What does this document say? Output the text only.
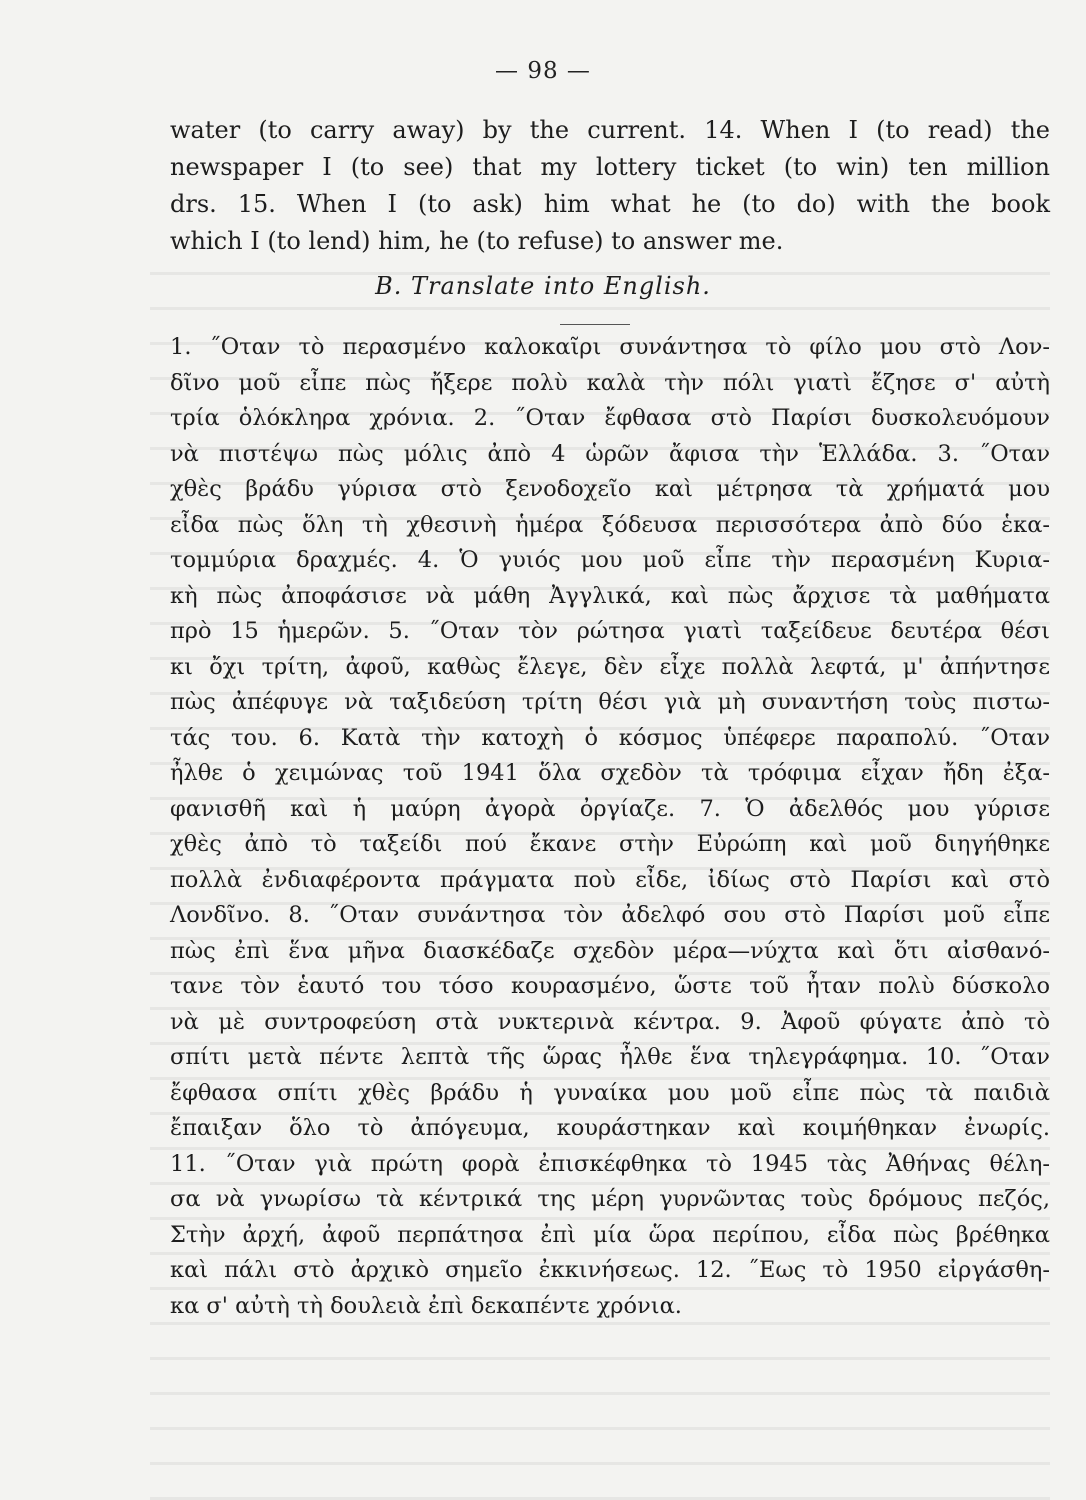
— 98 —
water (to carry away) by the current. 14. When I (to read) the
newspaper I (to see) that my lottery ticket (to win) ten million
drs. 15. When I (to ask) him what he (to do) with the book
which I (to lend) him, he (to refuse) to answer me.
B. Translate into English.
1. ˝Οταν τὸ περασμένο καλοκαῖρι συνάντησα τὸ φίλο μου στὸ Λον-
δῖνο μοῦ εἶπε πὼς ἤξερε πολὺ καλὰ τὴν πόλι γιατὶ ἔζησε σ' αὐτὴ
τρία ὁλόκληρα χρόνια. 2. ˝Οταν ἔφθασα στὸ Παρίσι δυσκολευόμουν
νὰ πιστέψω πὼς μόλις ἀπὸ 4 ὡρῶν ἄφισα τὴν Ἑλλάδα. 3. ˝Οταν
χθὲς βράδυ γύρισα στὸ ξενοδοχεῖο καὶ μέτρησα τὰ χρήματά μου
εἶδα πὼς ὅλη τὴ χθεσινὴ ἡμέρα ξόδευσα περισσότερα ἀπὸ δύο ἑκα-
τομμύρια δραχμές. 4. Ὁ γυιός μου μοῦ εἶπε τὴν περασμένη Κυρια-
κὴ πὼς ἀποφάσισε νὰ μάθη Ἀγγλικά, καὶ πὼς ἄρχισε τὰ μαθήματα
πρὸ 15 ἡμερῶν. 5. ˝Οταν τὸν ρώτησα γιατὶ ταξείδευε δευτέρα θέσι
κι ὄχι τρίτη, ἀφοῦ, καθὼς ἔλεγε, δὲν εἶχε πολλὰ λεφτά, μ' ἀπήντησε
πὼς ἀπέφυγε νὰ ταξιδεύση τρίτη θέσι γιὰ μὴ συναντήση τοὺς πιστω-
τάς του. 6. Κατὰ τὴν κατοχὴ ὁ κόσμος ὑπέφερε παραπολύ. ˝Οταν
ἦλθε ὁ χειμώνας τοῦ 1941 ὅλα σχεδὸν τὰ τρόφιμα εἶχαν ἤδη ἐξα-
φανισθῆ καὶ ἡ μαύρη ἀγορὰ ὀργίαζε. 7. Ὁ ἀδελθός μου γύρισε
χθὲς ἀπὸ τὸ ταξείδι πού ἔκανε στὴν Εὐρώπη καὶ μοῦ διηγήθηκε
πολλὰ ἐνδιαφέροντα πράγματα ποὺ εἶδε, ἰδίως στὸ Παρίσι καὶ στὸ
Λονδῖνο. 8. ˝Οταν συνάντησα τὸν ἀδελφό σου στὸ Παρίσι μοῦ εἶπε
πὼς ἐπὶ ἕνα μῆνα διασκέδαζε σχεδὸν μέρα—νύχτα καὶ ὅτι αἰσθανό-
τανε τὸν ἑαυτό του τόσο κουρασμένο, ὥστε τοῦ ἦταν πολὺ δύσκολο
νὰ μὲ συντροφεύση στὰ νυκτερινὰ κέντρα. 9. Ἀφοῦ φύγατε ἀπὸ τὸ
σπίτι μετὰ πέντε λεπτὰ τῆς ὥρας ἦλθε ἕνα τηλεγράφημα. 10. ˝Οταν
ἔφθασα σπίτι χθὲς βράδυ ἡ γυναίκα μου μοῦ εἶπε πὼς τὰ παιδιὰ
ἔπαιξαν ὅλο τὸ ἀπόγευμα, κουράστηκαν καὶ κοιμήθηκαν ἐνωρίς.
11. ˝Οταν γιὰ πρώτη φορὰ ἐπισκέφθηκα τὸ 1945 τὰς Ἀθήνας θέλη-
σα νὰ γνωρίσω τὰ κέντρικά της μέρη γυρνῶντας τοὺς δρόμους πεζός,
Στὴν ἀρχή, ἀφοῦ περπάτησα ἐπὶ μία ὥρα περίπου, εἶδα πὼς βρέθηκα
καὶ πάλι στὸ ἀρχικὸ σημεῖο ἐκκινήσεως. 12. ˝Εως τὸ 1950 εἰργάσθη-
κα σ' αὐτὴ τὴ δουλειὰ ἐπὶ δεκαπέντε χρόνια.
